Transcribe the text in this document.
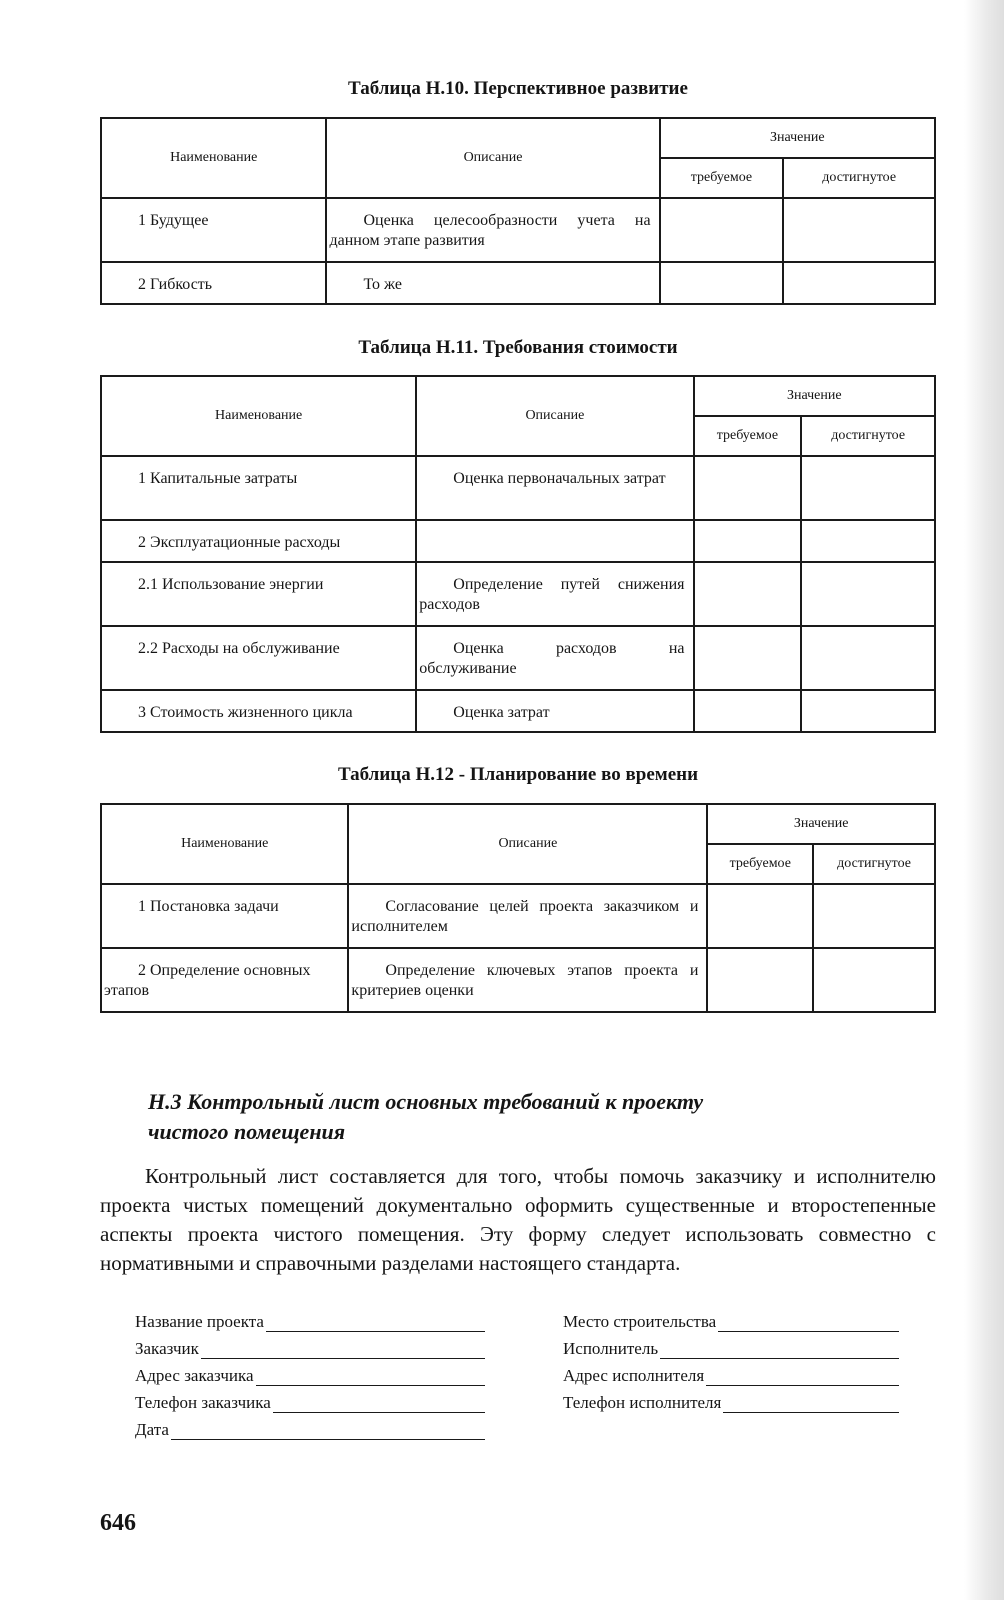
Таблица Н.10. Перспективное развитие
Наименование	Описание	Значение	
		требуемое	достигнутое
1 Будущее	Оценка целесообразности учета на данном этапе развития		
2 Гибкость	То же		
Таблица Н.11. Требования стоимости
Наименование	Описание	Значение	
		требуемое	достигнутое
1 Капитальные затраты	Оценка первоначальных затрат		
2 Эксплуатационные расходы			
2.1 Использование энергии	Определение путей снижения расходов		
2.2 Расходы на обслуживание	Оценка расходов на обслуживание		
3 Стоимость жизненного цикла	Оценка затрат		
Таблица Н.12 - Планирование во времени
Наименование	Описание	Значение	
		требуемое	достигнутое
1 Постановка задачи	Согласование целей проекта заказчиком и исполнителем		
2 Определение основных этапов	Определение ключевых этапов проекта и критериев оценки		
Н.3 Контрольный лист основных требований к проекту
чистого помещения
Контрольный лист составляется для того, чтобы помочь заказчику и исполнителю проекта чистых помещений документально оформить существенные и второстепенные аспекты проекта чистого помещения. Эту форму следует использовать совместно с нормативными и справочными разделами настоящего стандарта.
Название проекта
Заказчик
Адрес заказчика
Телефон заказчика
Дата
Место строительства
Исполнитель
Адрес исполнителя
Телефон исполнителя
646
